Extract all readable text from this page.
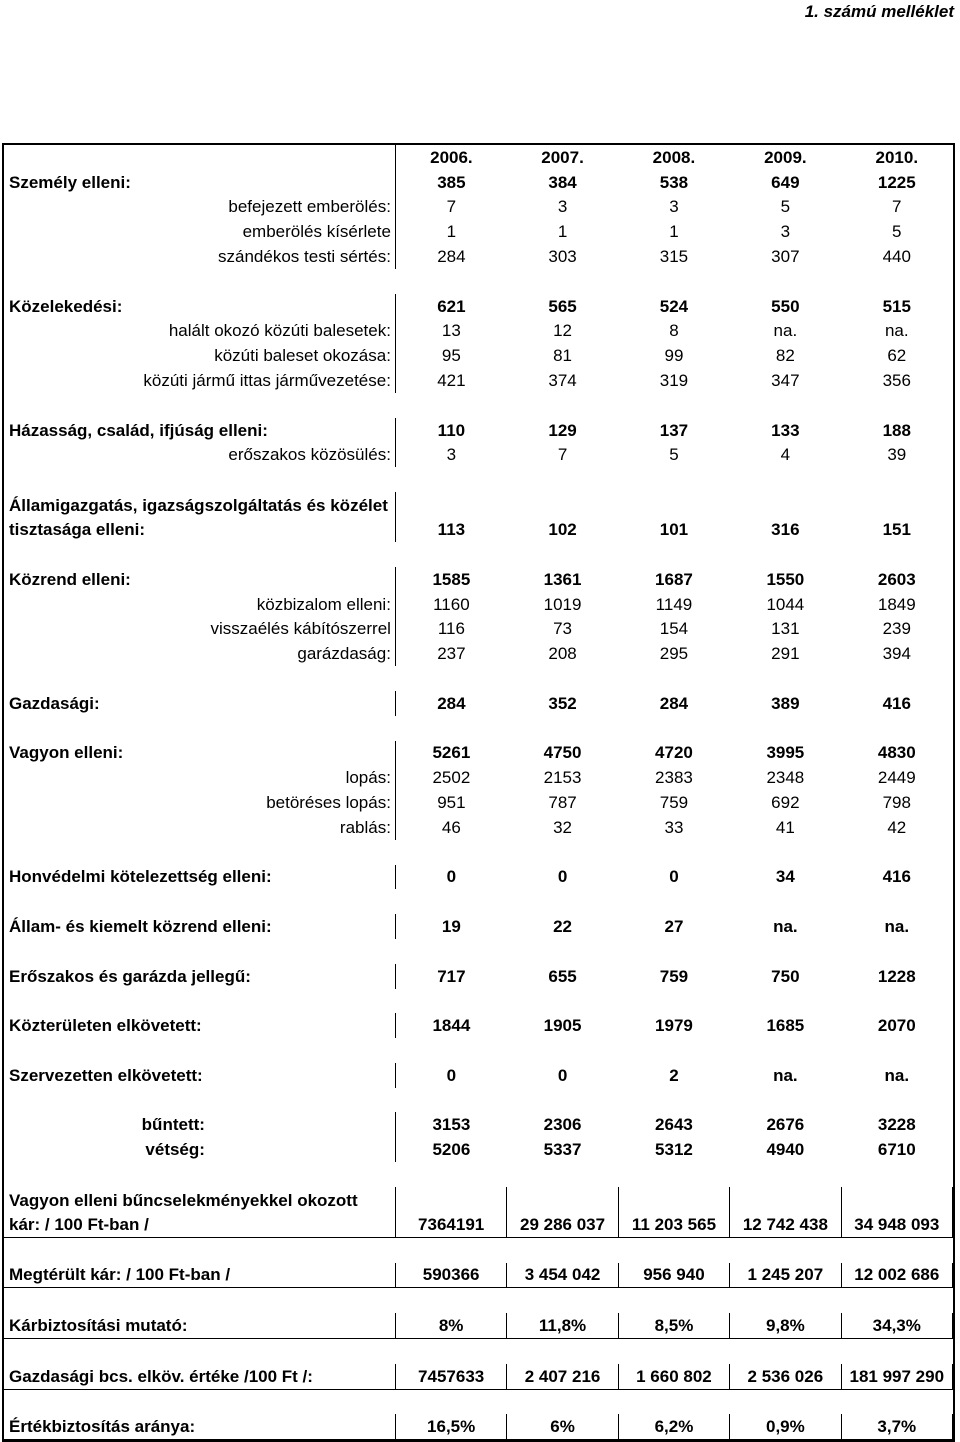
1. számú melléklet
	2006.	2007.	2008.	2009.	2010.
Személy elleni:	385	384	538	649	1225
befejezett emberölés:	7	3	3	5	7
emberölés kísérlete	1	1	1	3	5
szándékos testi sértés:	284	303	315	307	440

Közelekedési:	621	565	524	550	515
halált okozó közúti balesetek:	13	12	8	na.	na.
közúti baleset okozása:	95	81	99	82	62
közúti jármű ittas járművezetése:	421	374	319	347	356

Házasság, család, ifjúság elleni:	110	129	137	133	188
erőszakos közösülés:	3	7	5	4	39

Államigazgatás, igazságszolgáltatás és közélet tisztasága elleni:	113	102	101	316	151

Közrend elleni:	1585	1361	1687	1550	2603
közbizalom elleni:	1160	1019	1149	1044	1849
visszaélés kábítószerrel	116	73	154	131	239
garázdaság:	237	208	295	291	394

Gazdasági:	284	352	284	389	416

Vagyon elleni:	5261	4750	4720	3995	4830
lopás:	2502	2153	2383	2348	2449
betöréses lopás:	951	787	759	692	798
rablás:	46	32	33	41	42

Honvédelmi kötelezettség elleni:	0	0	0	34	416

Állam- és kiemelt közrend elleni:	19	22	27	na.	na.

Erőszakos és garázda jellegű:	717	655	759	750	1228

Közterületen elkövetett:	1844	1905	1979	1685	2070

Szervezetten elkövetett:	0	0	2	na.	na.

bűntett:	3153	2306	2643	2676	3228
vétség:	5206	5337	5312	4940	6710

Vagyon elleni bűncselekményekkel okozott kár: / 100 Ft-ban /	7364191	29 286 037	11 203 565	12 742 438	34 948 093

Megtérült kár: / 100 Ft-ban /	590366	3 454 042	956 940	1 245 207	12 002 686

Kárbiztosítási mutató:	8%	11,8%	8,5%	9,8%	34,3%

Gazdasági bcs. elköv. értéke /100 Ft /:	7457633	2 407 216	1 660 802	2 536 026	181 997 290

Értékbiztosítás aránya:	16,5%	6%	6,2%	0,9%	3,7%
